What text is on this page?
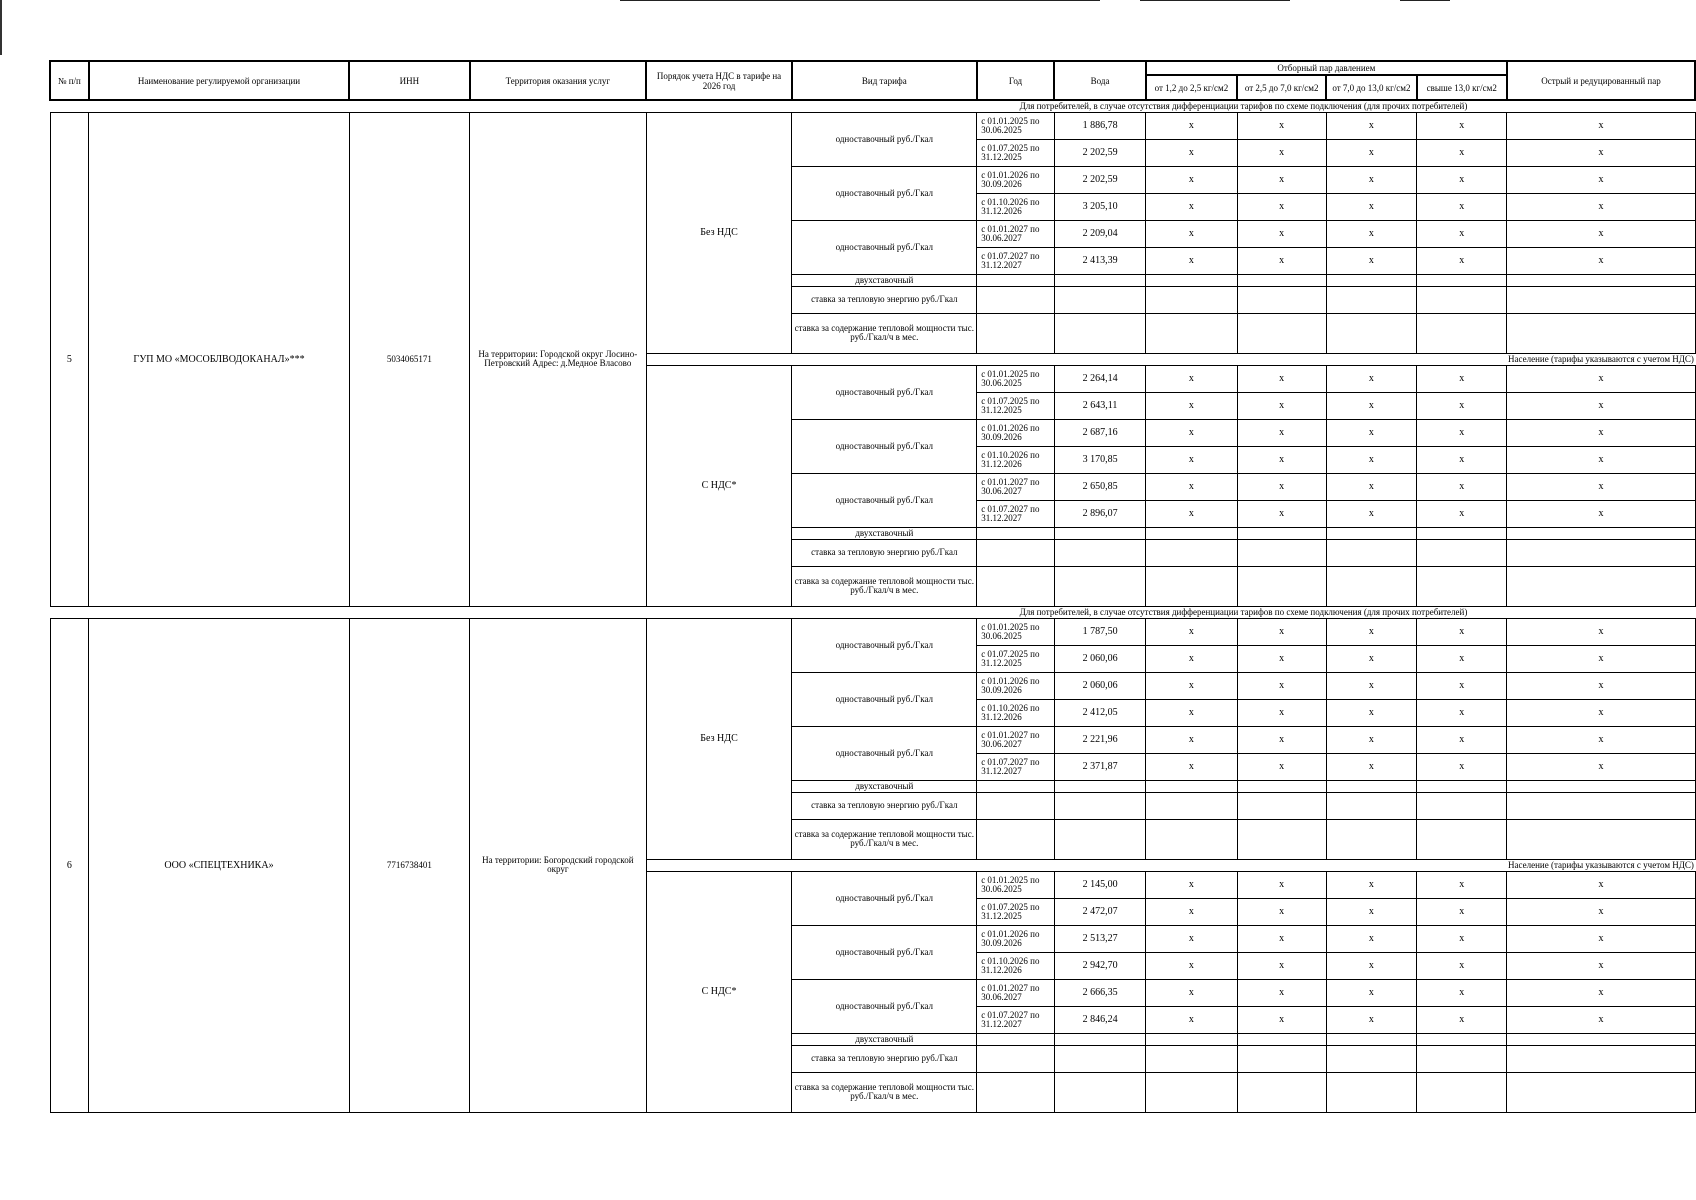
№ п/п	Наименование регулируемой организации	ИНН	Территория оказания услуг	Порядок учета НДС в тарифе на 2026 год	Вид тарифа	Год	Вода	Отборный пар давлением				Острый и редуцированный пар
								от 1,2 до 2,5 кг/см2	от 2,5 до 7,0 кг/см2	от 7,0 до 13,0 кг/см2	свыше 13,0 кг/см2	
					Для потребителей, в случае отсутствия дифференциации тарифов по схеме подключения (для прочих потребителей)							
5	ГУП МО «МОСОБЛВОДОКАНАЛ»***	5034065171	На территории: Городской округ Лосино-Петровский Адрес: д.Медное Власово	Без НДС	одноставочный руб./Гкал	с 01.01.2025 по 30.06.2025	1 886,78	x	x	x	x	x
						с 01.07.2025 по 31.12.2025	2 202,59	x	x	x	x	x
					одноставочный руб./Гкал	с 01.01.2026 по 30.09.2026	2 202,59	x	x	x	x	x
						с 01.10.2026 по 31.12.2026	3 205,10	x	x	x	x	x
					одноставочный руб./Гкал	с 01.01.2027 по 30.06.2027	2 209,04	x	x	x	x	x
						с 01.07.2027 по 31.12.2027	2 413,39	x	x	x	x	x
					двухставочный							
					ставка за тепловую энергию руб./Гкал							
					ставка за содержание тепловой мощности тыс. руб./Гкал/ч в мес.							
												Население (тарифы указываются с учетом НДС)
				С НДС*	одноставочный руб./Гкал	с 01.01.2025 по 30.06.2025	2 264,14	x	x	x	x	x
						с 01.07.2025 по 31.12.2025	2 643,11	x	x	x	x	x
					одноставочный руб./Гкал	с 01.01.2026 по 30.09.2026	2 687,16	x	x	x	x	x
						с 01.10.2026 по 31.12.2026	3 170,85	x	x	x	x	x
					одноставочный руб./Гкал	с 01.01.2027 по 30.06.2027	2 650,85	x	x	x	x	x
						с 01.07.2027 по 31.12.2027	2 896,07	x	x	x	x	x
					двухставочный							
					ставка за тепловую энергию руб./Гкал							
					ставка за содержание тепловой мощности тыс. руб./Гкал/ч в мес.							
					Для потребителей, в случае отсутствия дифференциации тарифов по схеме подключения (для прочих потребителей)							
6	ООО «СПЕЦТЕХНИКА»	7716738401	На территории: Богородский городской округ	Без НДС	одноставочный руб./Гкал	с 01.01.2025 по 30.06.2025	1 787,50	x	x	x	x	x
						с 01.07.2025 по 31.12.2025	2 060,06	x	x	x	x	x
					одноставочный руб./Гкал	с 01.01.2026 по 30.09.2026	2 060,06	x	x	x	x	x
						с 01.10.2026 по 31.12.2026	2 412,05	x	x	x	x	x
					одноставочный руб./Гкал	с 01.01.2027 по 30.06.2027	2 221,96	x	x	x	x	x
						с 01.07.2027 по 31.12.2027	2 371,87	x	x	x	x	x
					двухставочный							
					ставка за тепловую энергию руб./Гкал							
					ставка за содержание тепловой мощности тыс. руб./Гкал/ч в мес.							
												Население (тарифы указываются с учетом НДС)
				С НДС*	одноставочный руб./Гкал	с 01.01.2025 по 30.06.2025	2 145,00	x	x	x	x	x
						с 01.07.2025 по 31.12.2025	2 472,07	x	x	x	x	x
					одноставочный руб./Гкал	с 01.01.2026 по 30.09.2026	2 513,27	x	x	x	x	x
						с 01.10.2026 по 31.12.2026	2 942,70	x	x	x	x	x
					одноставочный руб./Гкал	с 01.01.2027 по 30.06.2027	2 666,35	x	x	x	x	x
						с 01.07.2027 по 31.12.2027	2 846,24	x	x	x	x	x
					двухставочный							
					ставка за тепловую энергию руб./Гкал							
					ставка за содержание тепловой мощности тыс. руб./Гкал/ч в мес.							
